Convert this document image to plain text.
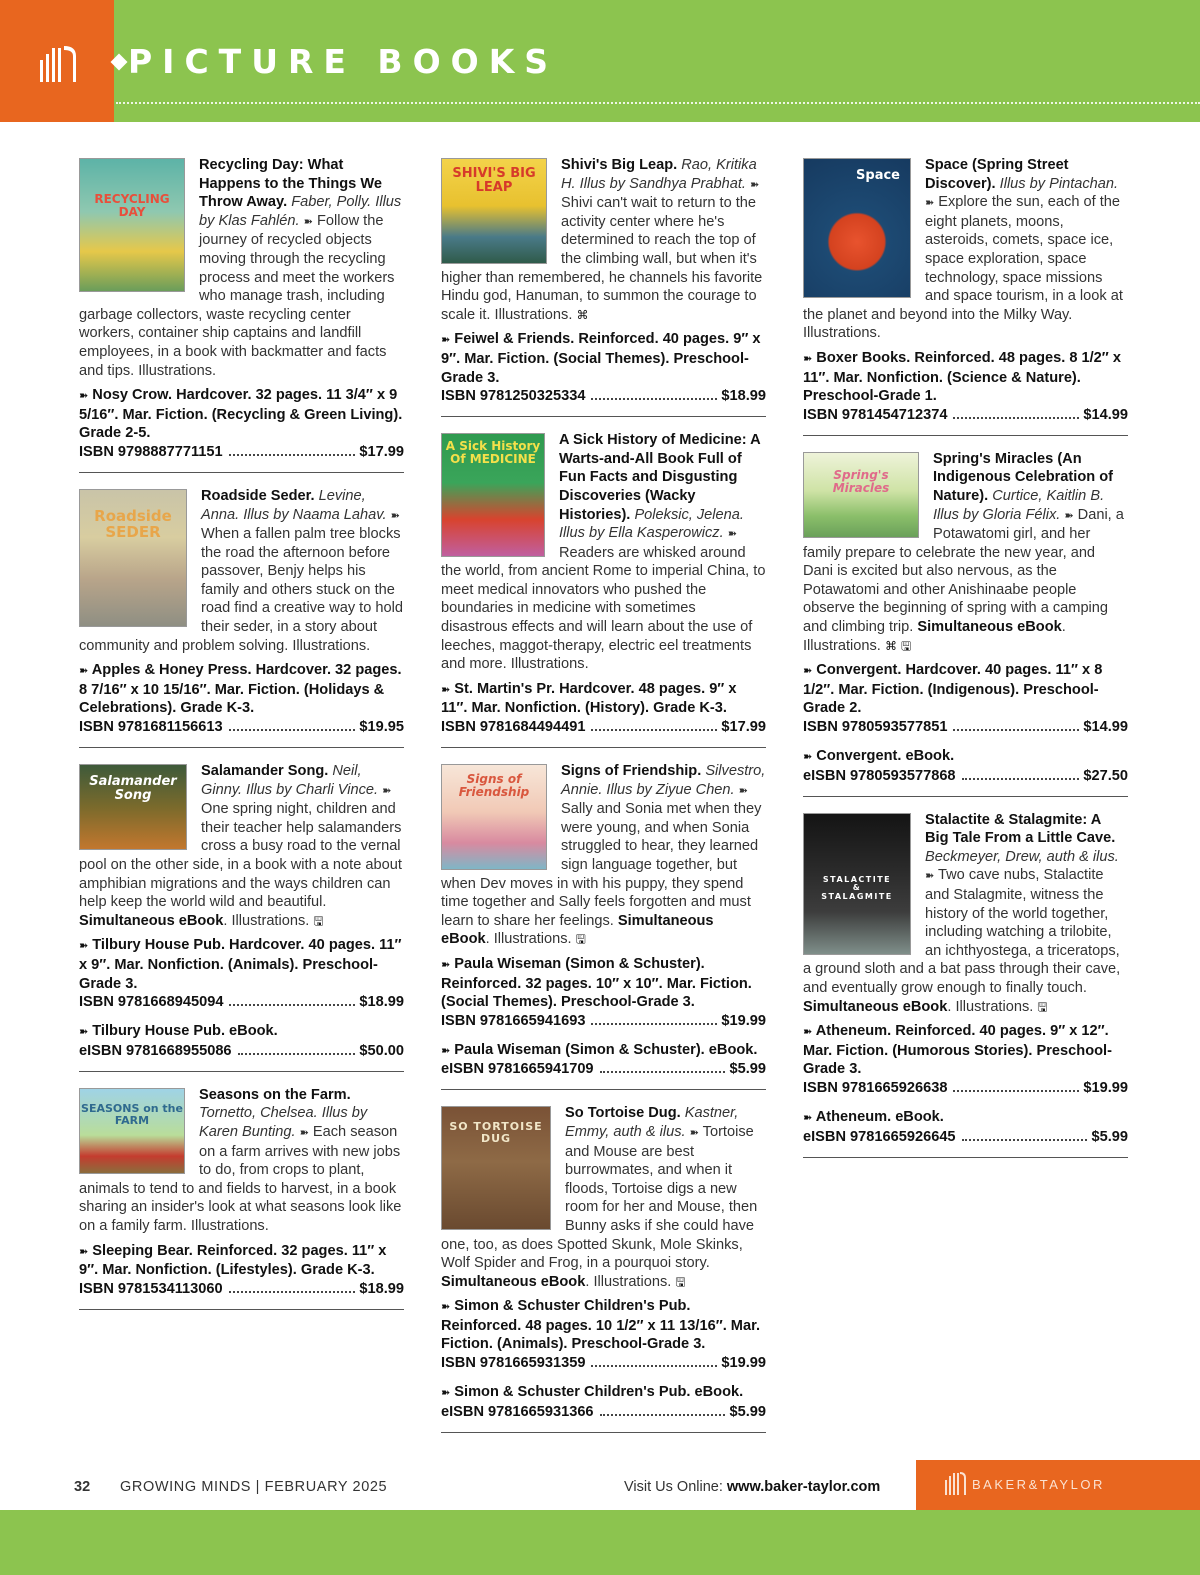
PICTURE BOOKS
RECYCLING DAY

Recycling Day: What Happens to the Things We Throw Away. Faber, Polly. Illus by Klas Fahlén. ➽ Follow the journey of recycled objects moving through the recycling process and meet the workers who manage trash, including garbage collectors, waste recycling center workers, container ship captains and landfill employees, in a book with backmatter and facts and tips. Illustrations.

➽ Nosy Crow. Hardcover. 32 pages. 11 3/4″ x 9 5/16″. Mar. Fiction. (Recycling & Green Living). Grade 2-5.
ISBN 9798887771151	$17.99
Roadside SEDER

Roadside Seder. Levine, Anna. Illus by Naama Lahav. ➽ When a fallen palm tree blocks the road the afternoon before passover, Benjy helps his family and others stuck on the road find a creative way to hold their seder, in a story about community and problem solving. Illustrations.

➽ Apples & Honey Press. Hardcover. 32 pages. 8 7/16″ x 10 15/16″. Mar. Fiction. (Holidays & Celebrations). Grade K-3.
ISBN 9781681156613	$19.95
Salamander Song

Salamander Song. Neil, Ginny. Illus by Charli Vince. ➽ One spring night, children and their teacher help salamanders cross a busy road to the vernal pool on the other side, in a book with a note about amphibian migrations and the ways children can help keep the world wild and beautiful. Simultaneous eBook. Illustrations. 🖫

➽ Tilbury House Pub. Hardcover. 40 pages. 11″ x 9″. Mar. Nonfiction. (Animals). Preschool-Grade 3.
ISBN 9781668945094	$18.99
➽ Tilbury House Pub. eBook.
eISBN 9781668955086	$50.00
SEASONS on the FARM

Seasons on the Farm. Tornetto, Chelsea. Illus by Karen Bunting. ➽ Each season on a farm arrives with new jobs to do, from crops to plant, animals to tend to and fields to harvest, in a book sharing an insider's look at what seasons look like on a family farm. Illustrations.

➽ Sleeping Bear. Reinforced. 32 pages. 11″ x 9″. Mar. Nonfiction. (Lifestyles). Grade K-3.
ISBN 9781534113060	$18.99
SHIVI'S BIG LEAP

Shivi's Big Leap. Rao, Kritika H. Illus by Sandhya Prabhat. ➽ Shivi can't wait to return to the activity center where he's determined to reach the top of the climbing wall, but when it's higher than remembered, he channels his favorite Hindu god, Hanuman, to summon the courage to scale it. Illustrations. ⌘

➽ Feiwel & Friends. Reinforced. 40 pages. 9″ x 9″. Mar. Fiction. (Social Themes). Preschool-Grade 3.
ISBN 9781250325334	$18.99
A Sick History Of MEDICINE

A Sick History of Medicine: A Warts-and-All Book Full of Fun Facts and Disgusting Discoveries (Wacky Histories). Poleksic, Jelena. Illus by Ella Kasperowicz. ➽ Readers are whisked around the world, from ancient Rome to imperial China, to meet medical innovators who pushed the boundaries in medicine with sometimes disastrous effects and will learn about the use of leeches, maggot-therapy, electric eel treatments and more. Illustrations.

➽ St. Martin's Pr. Hardcover. 48 pages. 9″ x 11″. Mar. Nonfiction. (History). Grade K-3.
ISBN 9781684494491	$17.99
Signs of Friendship

Signs of Friendship. Silvestro, Annie. Illus by Ziyue Chen. ➽ Sally and Sonia met when they were young, and when Sonia struggled to hear, they learned sign language together, but when Dev moves in with his puppy, they spend time together and Sally feels forgotten and must learn to share her feelings. Simultaneous eBook. Illustrations. 🖫

➽ Paula Wiseman (Simon & Schuster). Reinforced. 32 pages. 10″ x 10″. Mar. Fiction. (Social Themes). Preschool-Grade 3.
ISBN 9781665941693	$19.99
➽ Paula Wiseman (Simon & Schuster). eBook.
eISBN 9781665941709	$5.99
SO TORTOISE DUG

So Tortoise Dug. Kastner, Emmy, auth & ilus. ➽ Tortoise and Mouse are best burrowmates, and when it floods, Tortoise digs a new room for her and Mouse, then Bunny asks if she could have one, too, as does Spotted Skunk, Mole Skinks, Wolf Spider and Frog, in a pourquoi story. Simultaneous eBook. Illustrations. 🖫

➽ Simon & Schuster Children's Pub. Reinforced. 48 pages. 10 1/2″ x 11 13/16″. Mar. Fiction. (Animals). Preschool-Grade 3.
ISBN 9781665931359	$19.99
➽ Simon & Schuster Children's Pub. eBook.
eISBN 9781665931366	$5.99
Space

Space (Spring Street Discover). Illus by Pintachan. ➽ Explore the sun, each of the eight planets, moons, asteroids, comets, space ice, space exploration, space technology, space missions and space tourism, in a look at the planet and beyond into the Milky Way. Illustrations.

➽ Boxer Books. Reinforced. 48 pages. 8 1/2″ x 11″. Mar. Nonfiction. (Science & Nature). Preschool-Grade 1.
ISBN 9781454712374	$14.99
Spring's Miracles

Spring's Miracles (An Indigenous Celebration of Nature). Curtice, Kaitlin B. Illus by Gloria Félix. ➽ Dani, a Potawatomi girl, and her family prepare to celebrate the new year, and Dani is excited but also nervous, as the Potawatomi and other Anishinaabe people observe the beginning of spring with a camping and climbing trip. Simultaneous eBook. Illustrations. ⌘ 🖫

➽ Convergent. Hardcover. 40 pages. 11″ x 8 1/2″. Mar. Fiction. (Indigenous). Preschool-Grade 2.
ISBN 9780593577851	$14.99
➽ Convergent. eBook.
eISBN 9780593577868	$27.50
STALACTITE & STALAGMITE

Stalactite & Stalagmite: A Big Tale From a Little Cave. Beckmeyer, Drew, auth & ilus. ➽ Two cave nubs, Stalactite and Stalagmite, witness the history of the world together, including watching a trilobite, an ichthyostega, a triceratops, a ground sloth and a bat pass through their cave, and eventually grow enough to finally touch. Simultaneous eBook. Illustrations. 🖫

➽ Atheneum. Reinforced. 40 pages. 9″ x 12″. Mar. Fiction. (Humorous Stories). Preschool-Grade 3.
ISBN 9781665926638	$19.99
➽ Atheneum. eBook.
eISBN 9781665926645	$5.99
32 GROWING MINDS | FEBRUARY 2025	Visit Us Online: www.baker-taylor.com	BAKER&TAYLOR
